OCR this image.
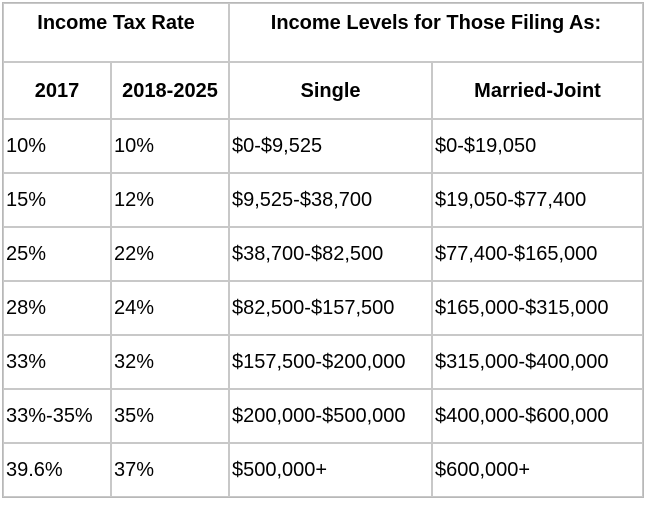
Income Tax Rate		Income Levels for Those Filing As:	
2017	2018-2025	Single	Married-Joint
10%	10%	$0-$9,525	$0-$19,050
15%	12%	$9,525-$38,700	$19,050-$77,400
25%	22%	$38,700-$82,500	$77,400-$165,000
28%	24%	$82,500-$157,500	$165,000-$315,000
33%	32%	$157,500-$200,000	$315,000-$400,000
33%-35%	35%	$200,000-$500,000	$400,000-$600,000
39.6%	37%	$500,000+	$600,000+
